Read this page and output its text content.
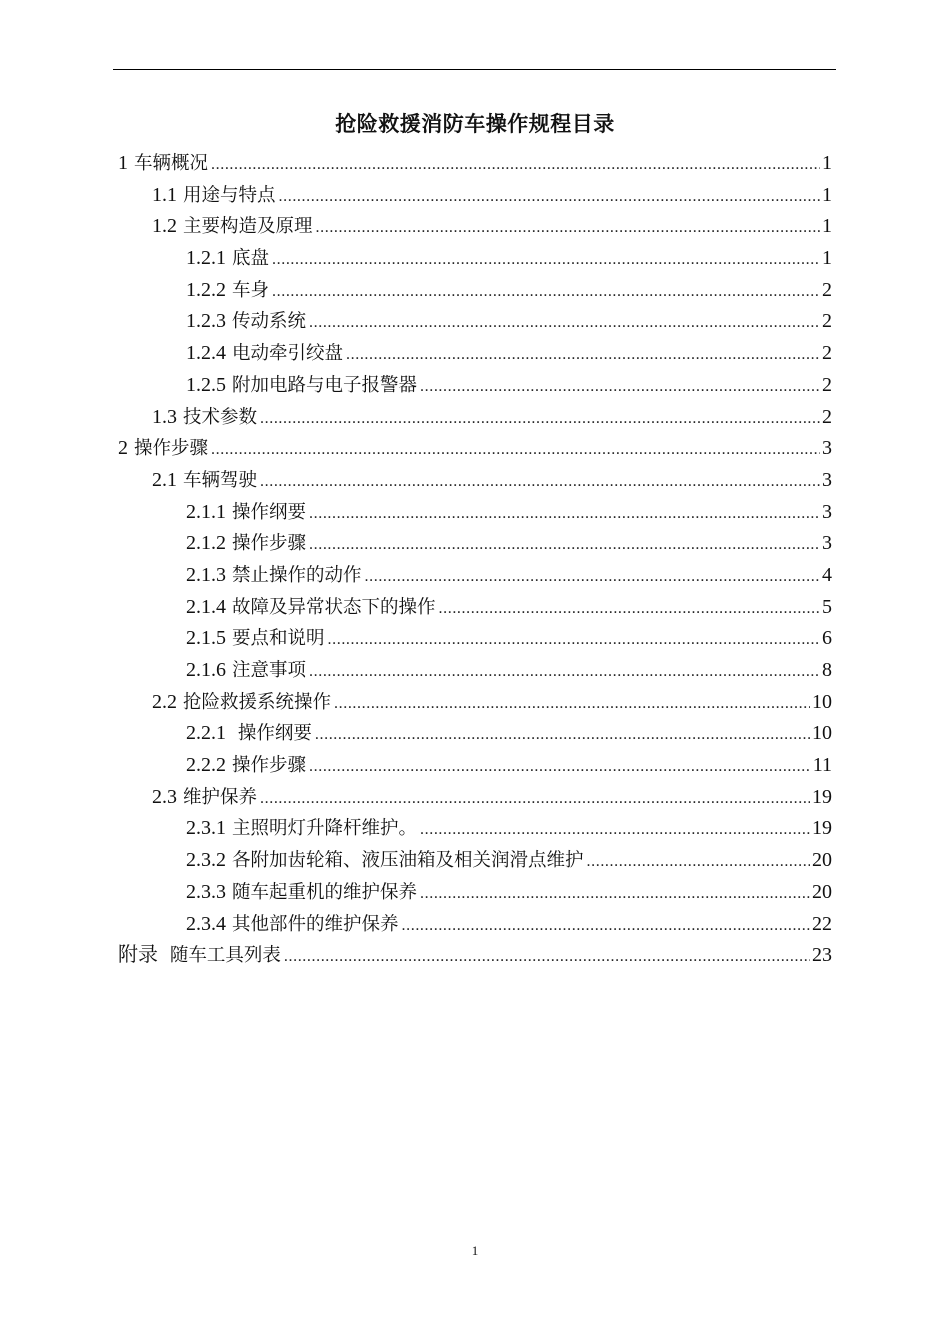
抢险救援消防车操作规程目录
1 车辆概况 .....	1
1.1 用途与特点 .....	1
1.2 主要构造及原理 .....	1
1.2.1 底盘 .....	1
1.2.2 车身 .....	2
1.2.3 传动系统 .....	2
1.2.4 电动牵引绞盘 .....	2
1.2.5 附加电路与电子报警器 .....	2
1.3 技术参数 .....	2
2 操作步骤 .....	3
2.1 车辆驾驶 .....	3
2.1.1 操作纲要 .....	3
2.1.2 操作步骤 .....	3
2.1.3 禁止操作的动作 .....	4
2.1.4 故障及异常状态下的操作 .....	5
2.1.5 要点和说明 .....	6
2.1.6 注意事项 .....	8
2.2 抢险救援系统操作 .....	10
2.2.1 操作纲要 .....	10
2.2.2 操作步骤 .....	11
2.3 维护保养 .....	19
2.3.1 主照明灯升降杆维护。 .....	19
2.3.2 各附加齿轮箱、液压油箱及相关润滑点维护 .....	20
2.3.3 随车起重机的维护保养 .....	20
2.3.4 其他部件的维护保养 .....	22
附录 随车工具列表 .....	23
1
